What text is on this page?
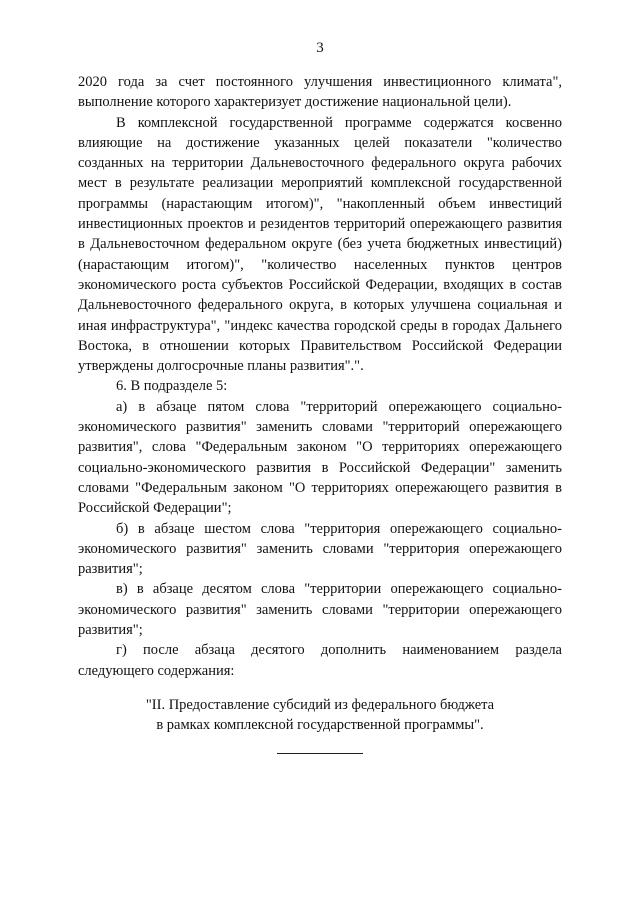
3

2020 года за счет постоянного улучшения инвестиционного климата", выполнение которого характеризует достижение национальной цели).

В комплексной государственной программе содержатся косвенно влияющие на достижение указанных целей показатели "количество созданных на территории Дальневосточного федерального округа рабочих мест в результате реализации мероприятий комплексной государственной программы (нарастающим итогом)", "накопленный объем инвестиций инвестиционных проектов и резидентов территорий опережающего развития в Дальневосточном федеральном округе (без учета бюджетных инвестиций) (нарастающим итогом)", "количество населенных пунктов центров экономического роста субъектов Российской Федерации, входящих в состав Дальневосточного федерального округа, в которых улучшена социальная и иная инфраструктура", "индекс качества городской среды в городах Дальнего Востока, в отношении которых Правительством Российской Федерации утверждены долгосрочные планы развития".".

6. В подразделе 5:

а) в абзаце пятом слова "территорий опережающего социально-экономического развития" заменить словами "территорий опережающего развития", слова "Федеральным законом "О территориях опережающего социально-экономического развития в Российской Федерации" заменить словами "Федеральным законом "О территориях опережающего развития в Российской Федерации";

б) в абзаце шестом слова "территория опережающего социально-экономического развития" заменить словами "территория опережающего развития";

в) в абзаце десятом слова "территории опережающего социально-экономического развития" заменить словами "территории опережающего развития";

г) после абзаца десятого дополнить наименованием раздела следующего содержания:

"II. Предоставление субсидий из федерального бюджета
в рамках комплексной государственной программы".
